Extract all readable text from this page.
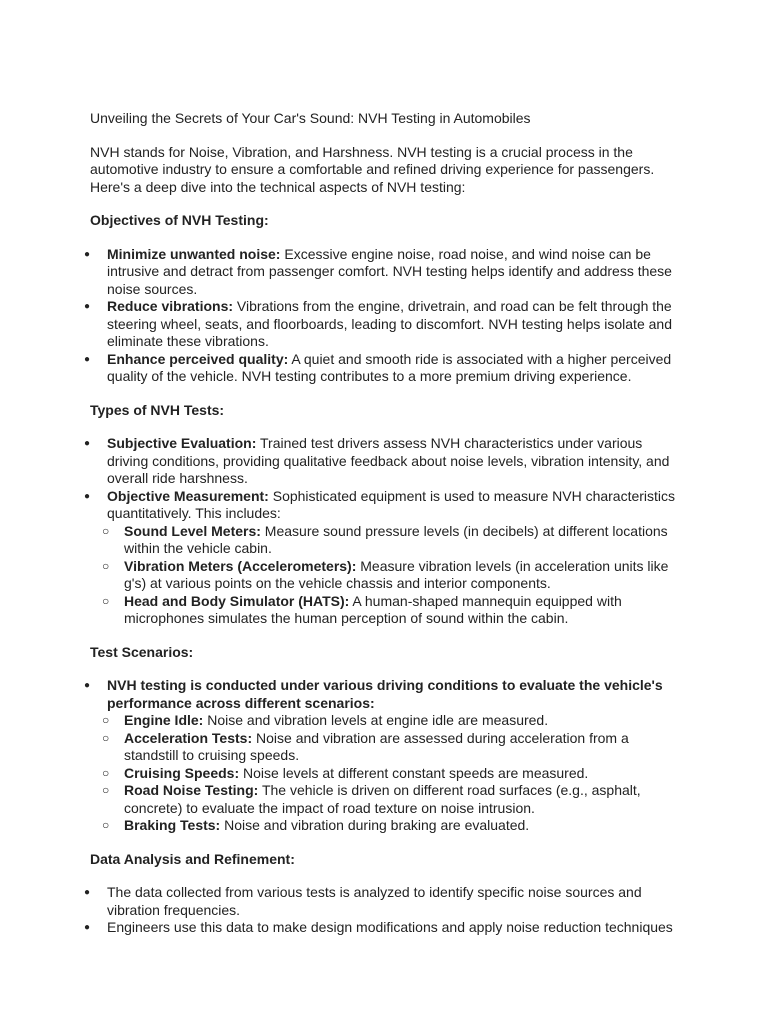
Unveiling the Secrets of Your Car's Sound: NVH Testing in Automobiles

NVH stands for Noise, Vibration, and Harshness. NVH testing is a crucial process in the automotive industry to ensure a comfortable and refined driving experience for passengers. Here's a deep dive into the technical aspects of NVH testing:

Objectives of NVH Testing:

● Minimize unwanted noise: Excessive engine noise, road noise, and wind noise can be intrusive and detract from passenger comfort. NVH testing helps identify and address these noise sources.
● Reduce vibrations: Vibrations from the engine, drivetrain, and road can be felt through the steering wheel, seats, and floorboards, leading to discomfort. NVH testing helps isolate and eliminate these vibrations.
● Enhance perceived quality: A quiet and smooth ride is associated with a higher perceived quality of the vehicle. NVH testing contributes to a more premium driving experience.

Types of NVH Tests:

● Subjective Evaluation: Trained test drivers assess NVH characteristics under various driving conditions, providing qualitative feedback about noise levels, vibration intensity, and overall ride harshness.
● Objective Measurement: Sophisticated equipment is used to measure NVH characteristics quantitatively. This includes:
○ Sound Level Meters: Measure sound pressure levels (in decibels) at different locations within the vehicle cabin.
○ Vibration Meters (Accelerometers): Measure vibration levels (in acceleration units like g's) at various points on the vehicle chassis and interior components.
○ Head and Body Simulator (HATS): A human-shaped mannequin equipped with microphones simulates the human perception of sound within the cabin.

Test Scenarios:

● NVH testing is conducted under various driving conditions to evaluate the vehicle's performance across different scenarios:
○ Engine Idle: Noise and vibration levels at engine idle are measured.
○ Acceleration Tests: Noise and vibration are assessed during acceleration from a standstill to cruising speeds.
○ Cruising Speeds: Noise levels at different constant speeds are measured.
○ Road Noise Testing: The vehicle is driven on different road surfaces (e.g., asphalt, concrete) to evaluate the impact of road texture on noise intrusion.
○ Braking Tests: Noise and vibration during braking are evaluated.

Data Analysis and Refinement:

● The data collected from various tests is analyzed to identify specific noise sources and vibration frequencies.
● Engineers use this data to make design modifications and apply noise reduction techniques
